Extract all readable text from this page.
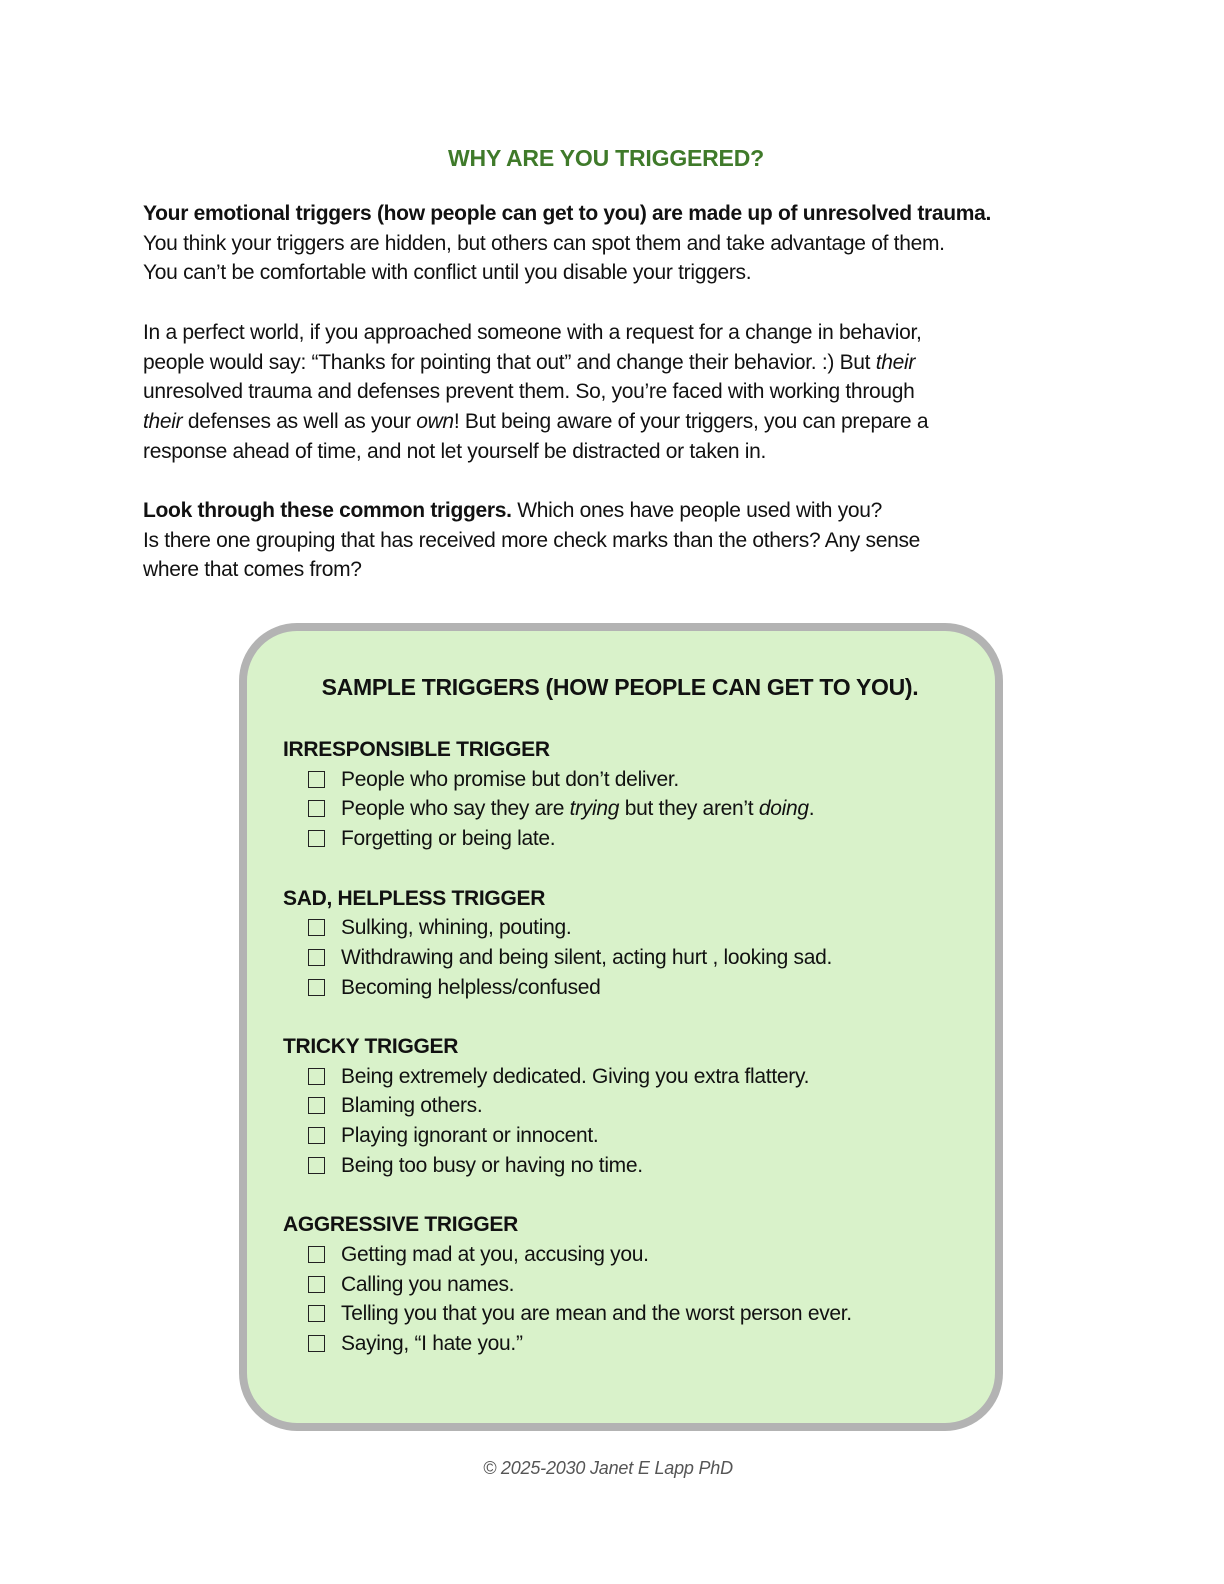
WHY ARE YOU TRIGGERED?
Your emotional triggers (how people can get to you) are made up of unresolved trauma.
You think your triggers are hidden, but others can spot them and take advantage of them.
You can’t be comfortable with conflict until you disable your triggers.
In a perfect world, if you approached someone with a request for a change in behavior,
people would say: “Thanks for pointing that out” and change their behavior. :) But their
unresolved trauma and defenses prevent them. So, you’re faced with working through
their defenses as well as your own! But being aware of your triggers, you can prepare a
response ahead of time, and not let yourself be distracted or taken in.
Look through these common triggers. Which ones have people used with you?
Is there one grouping that has received more check marks than the others? Any sense
where that comes from?
SAMPLE TRIGGERS (HOW PEOPLE CAN GET TO YOU).
IRRESPONSIBLE TRIGGER
People who promise but don’t deliver.
People who say they are trying but they aren’t doing.
Forgetting or being late.
SAD, HELPLESS TRIGGER
Sulking, whining, pouting.
Withdrawing and being silent, acting hurt , looking sad.
Becoming helpless/confused
TRICKY TRIGGER
Being extremely dedicated. Giving you extra flattery.
Blaming others.
Playing ignorant or innocent.
Being too busy or having no time.
AGGRESSIVE TRIGGER
Getting mad at you, accusing you.
Calling you names.
Telling you that you are mean and the worst person ever.
Saying, “I hate you.”
© 2025-2030 Janet E Lapp PhD
